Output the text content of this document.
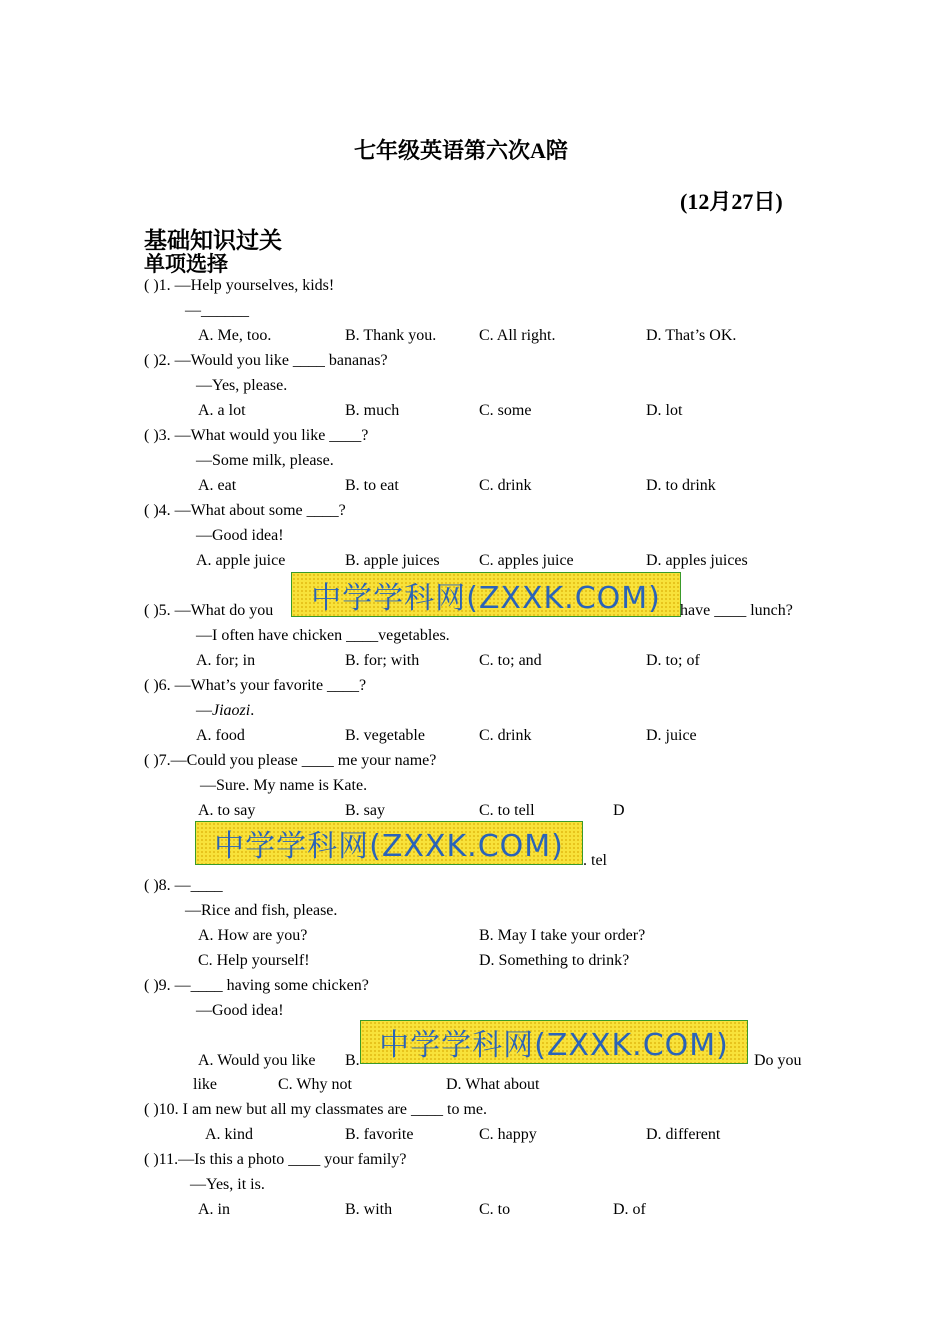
七年级英语第六次A陪
(12月27日)
基础知识过关
单项选择
( )1. —Help yourselves, kids!
—______
A. Me, too.	B. Thank you.	C. All right.	D. That’s OK.
( )2. —Would you like ____ bananas?
—Yes, please.
A. a lot	B. much	C. some	D. lot
( )3. —What would you like ____?
—Some milk, please.
A. eat	B. to eat	C. drink	D. to drink
( )4. —What about some ____?
—Good idea!
A. apple juice	B. apple juices C. apples juice	D. apples juices
( )5. —What do you 中学学科网(ZXXK.COM) have ____ lunch?
—I often have chicken ____vegetables.
A. for; in	B. for; with	C. to; and	D. to; of
( )6. —What’s your favorite ____?
—Jiaozi.
A. food	B. vegetable	C. drink	D. juice
( )7.—Could you please ____ me your name?
—Sure. My name is Kate.
A. to say	B. say	C. to tell	D
中学学科网(ZXXK.COM) . tel
( )8. —____
—Rice and fish, please.
A. How are you?	B. May I take your order?
C. Help yourself!	D. Something to drink?
( )9. —____ having some chicken?
—Good idea!
A. Would you like B. 中学学科网(ZXXK.COM) Do you
like	C. Why not	D. What about
( )10. I am new but all my classmates are ____ to me.
A. kind	B. favorite	C. happy	D. different
( )11.—Is this a photo ____ your family?
—Yes, it is.
A. in	B. with	C. to	D. of
